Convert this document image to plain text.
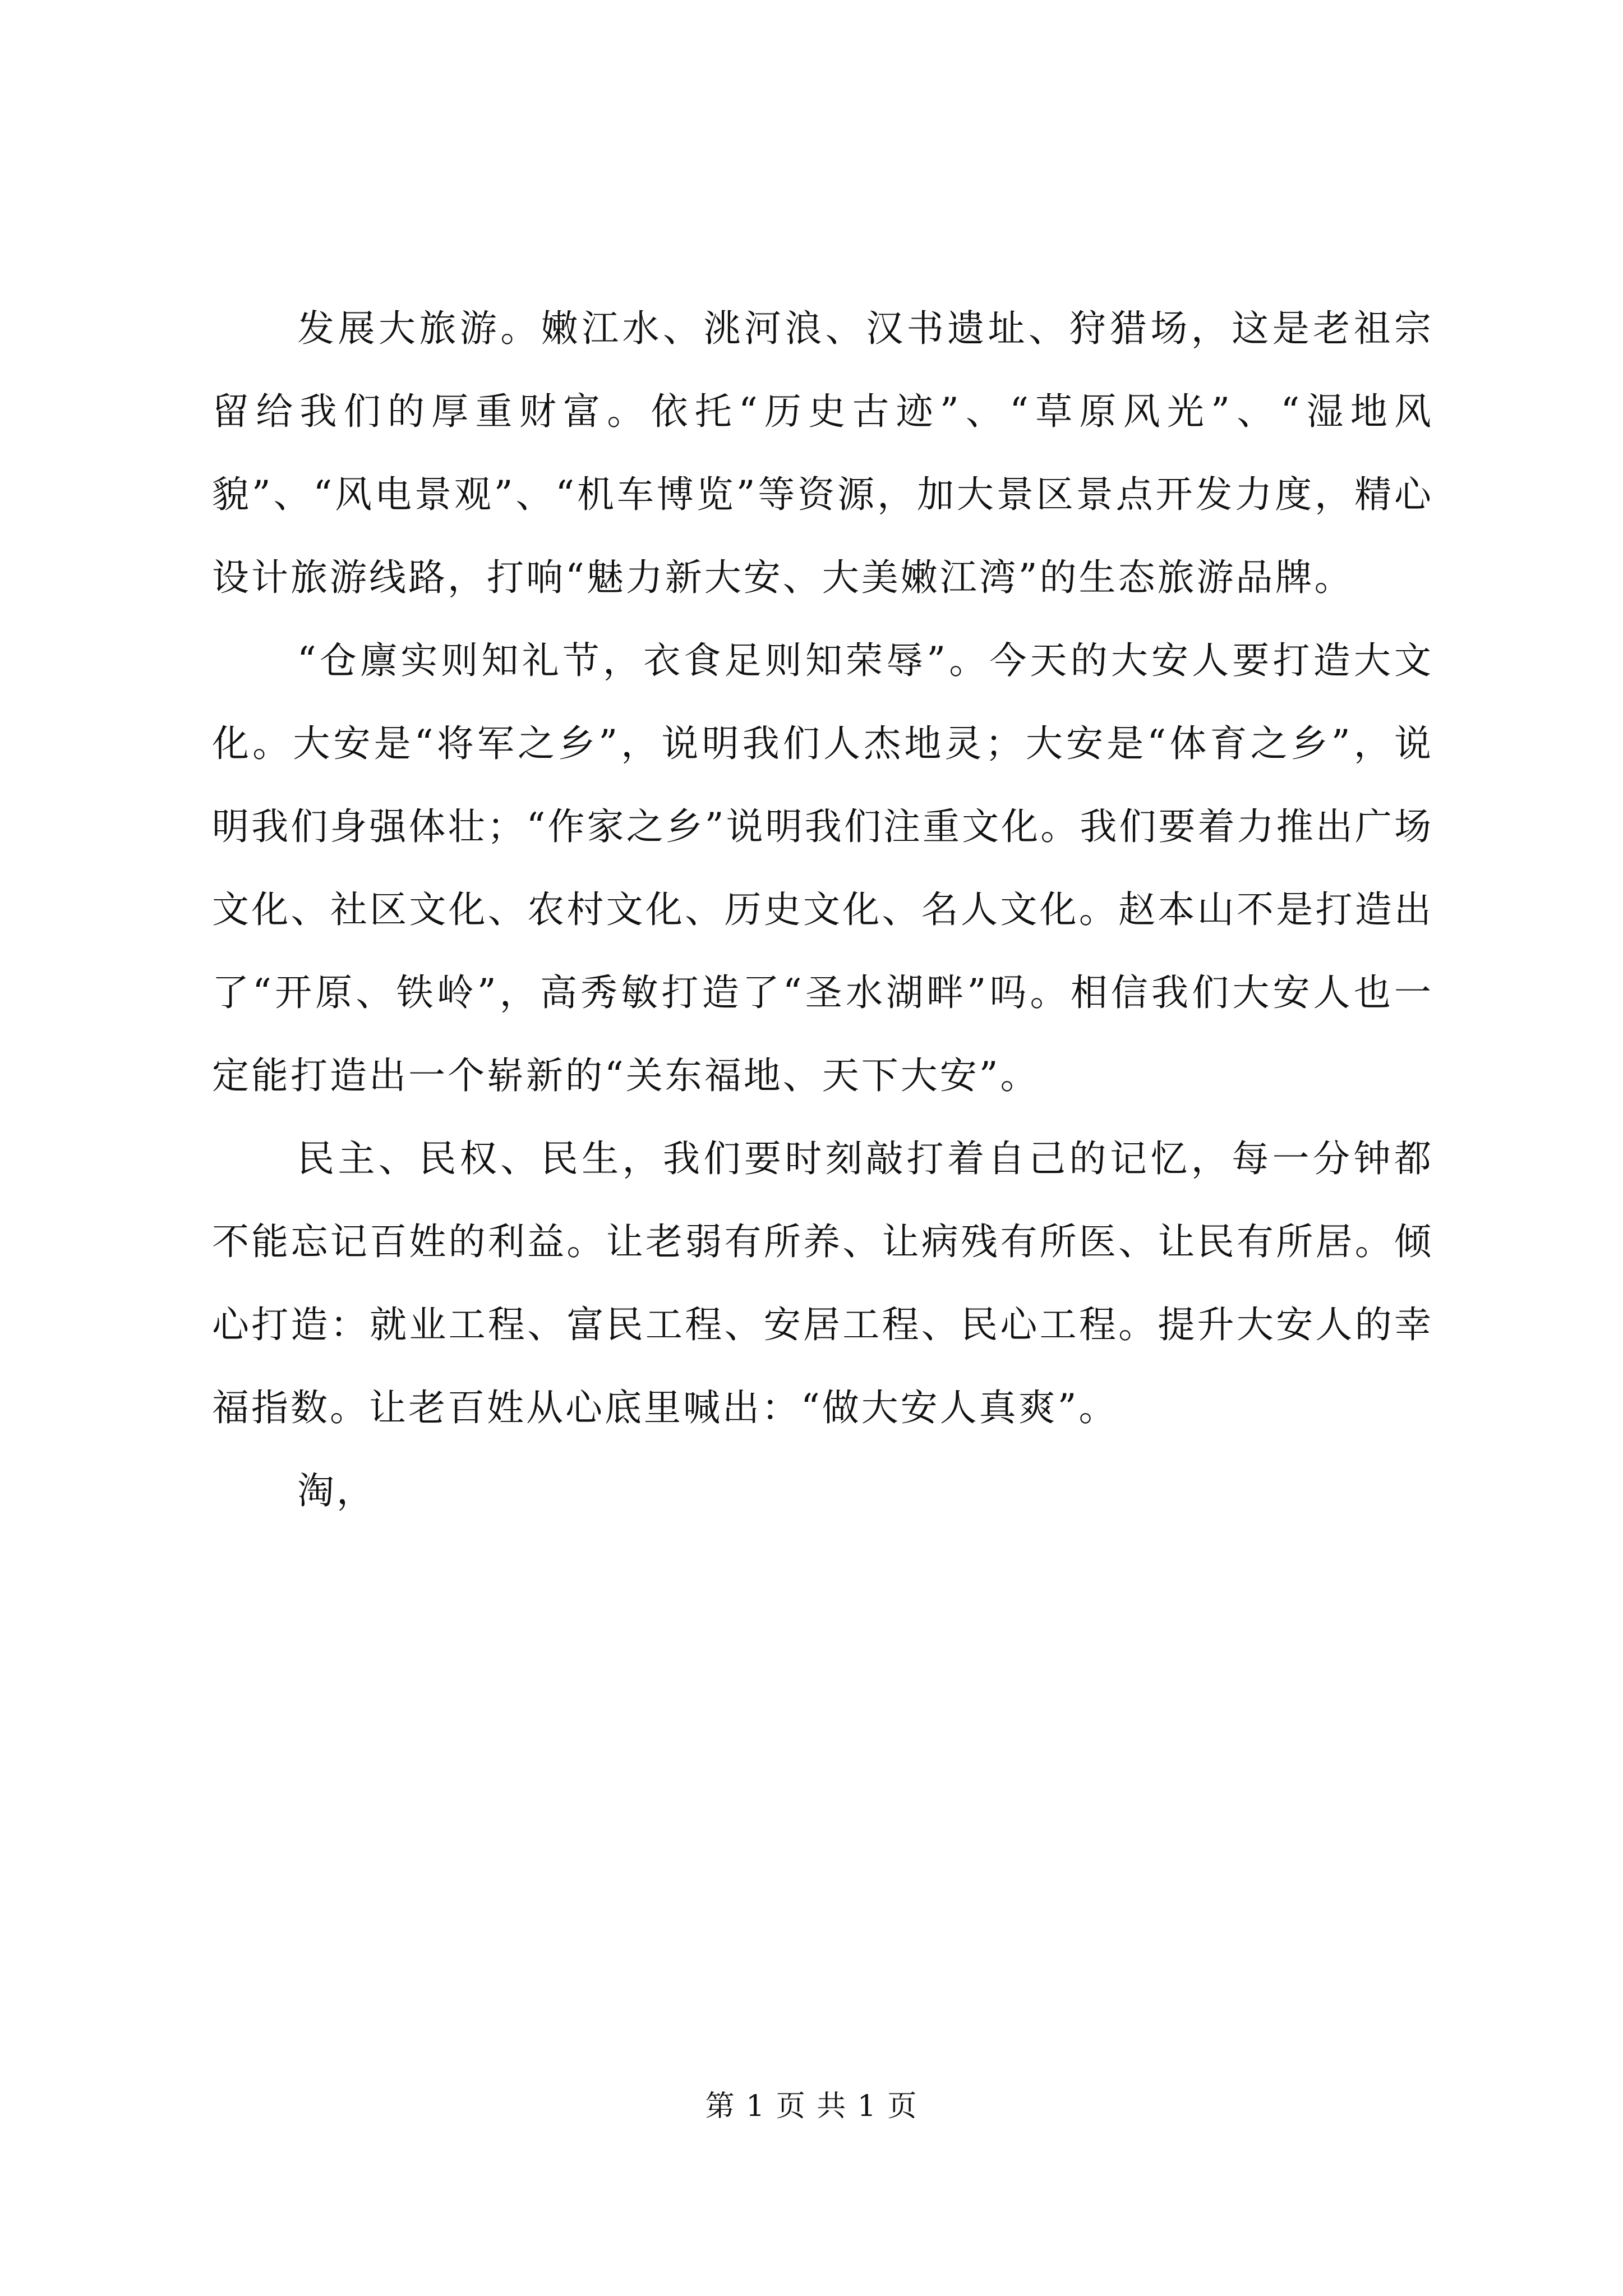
发展大旅游。嫩江水、洮河浪、汉书遗址、狩猎场，这是老祖宗留给我们的厚重财富。依托“历史古迹”、“草原风光”、“湿地风貌”、“风电景观”、“机车博览”等资源，加大景区景点开发力度，精心设计旅游线路，打响“魅力新大安、大美嫩江湾”的生态旅游品牌。

“仓廪实则知礼节，衣食足则知荣辱”。今天的大安人要打造大文化。大安是“将军之乡”，说明我们人杰地灵；大安是“体育之乡”，说明我们身强体壮；“作家之乡”说明我们注重文化。我们要着力推出广场文化、社区文化、农村文化、历史文化、名人文化。赵本山不是打造出了“开原、铁岭”，高秀敏打造了“圣水湖畔”吗。相信我们大安人也一定能打造出一个崭新的“关东福地、天下大安”。

民主、民权、民生，我们要时刻敲打着自己的记忆，每一分钟都不能忘记百姓的利益。让老弱有所养、让病残有所医、让民有所居。倾心打造：就业工程、富民工程、安居工程、民心工程。提升大安人的幸福指数。让老百姓从心底里喊出：“做大安人真爽”。

淘，

第 1 页 共 1 页
